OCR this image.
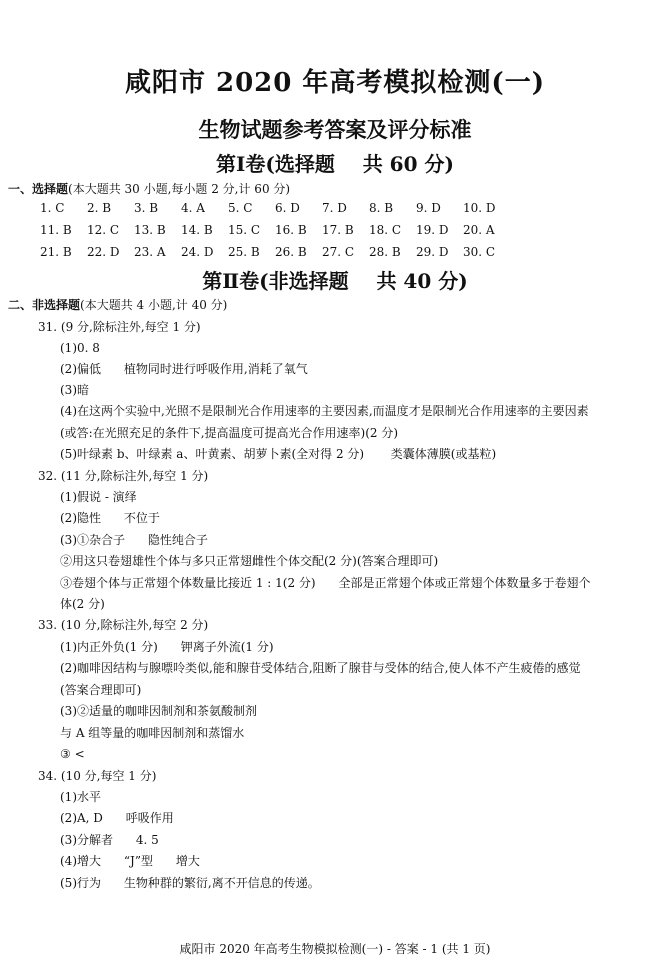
咸阳市 2020 年高考模拟检测(一)
生物试题参考答案及评分标准
第Ⅰ卷(选择题    共 60 分)
一、选择题(本大题共 30 小题,每小题 2 分,计 60 分)
1. C	2. B	3. B	4. A	5. C	6. D	7. D	8. B	9. D	10. D
11. B	12. C	13. B	14. B	15. C	16. B	17. B	18. C	19. D	20. A
21. B	22. D	23. A	24. D	25. B	26. B	27. C	28. B	29. D	30. C
第Ⅱ卷(非选择题    共 40 分)
二、非选择题(本大题共 4 小题,计 40 分)
31. (9 分,除标注外,每空 1 分)
(1)0. 8
(2)偏低      植物同时进行呼吸作用,消耗了氧气
(3)暗
(4)在这两个实验中,光照不是限制光合作用速率的主要因素,而温度才是限制光合作用速率的主要因素
(或答:在光照充足的条件下,提高温度可提高光合作用速率)(2 分)
(5)叶绿素 b、叶绿素 a、叶黄素、胡萝卜素(全对得 2 分)       类囊体薄膜(或基粒)
32. (11 分,除标注外,每空 1 分)
(1)假说 - 演绎
(2)隐性      不位于
(3)①杂合子      隐性纯合子
②用这只卷翅雄性个体与多只正常翅雌性个体交配(2 分)(答案合理即可)
③卷翅个体与正常翅个体数量比接近 1 : 1(2 分)      全部是正常翅个体或正常翅个体数量多于卷翅个
体(2 分)
33. (10 分,除标注外,每空 2 分)
(1)内正外负(1 分)      钾离子外流(1 分)
(2)咖啡因结构与腺嘌呤类似,能和腺苷受体结合,阻断了腺苷与受体的结合,使人体不产生疲倦的感觉
(答案合理即可)
(3)②适量的咖啡因制剂和茶氨酸制剂
与 A 组等量的咖啡因制剂和蒸馏水
③ <
34. (10 分,每空 1 分)
(1)水平
(2)A, D      呼吸作用
(3)分解者      4. 5
(4)增大      “J”型      增大
(5)行为      生物种群的繁衍,离不开信息的传递。
咸阳市 2020 年高考生物模拟检测(一) - 答案 - 1 (共 1 页)
